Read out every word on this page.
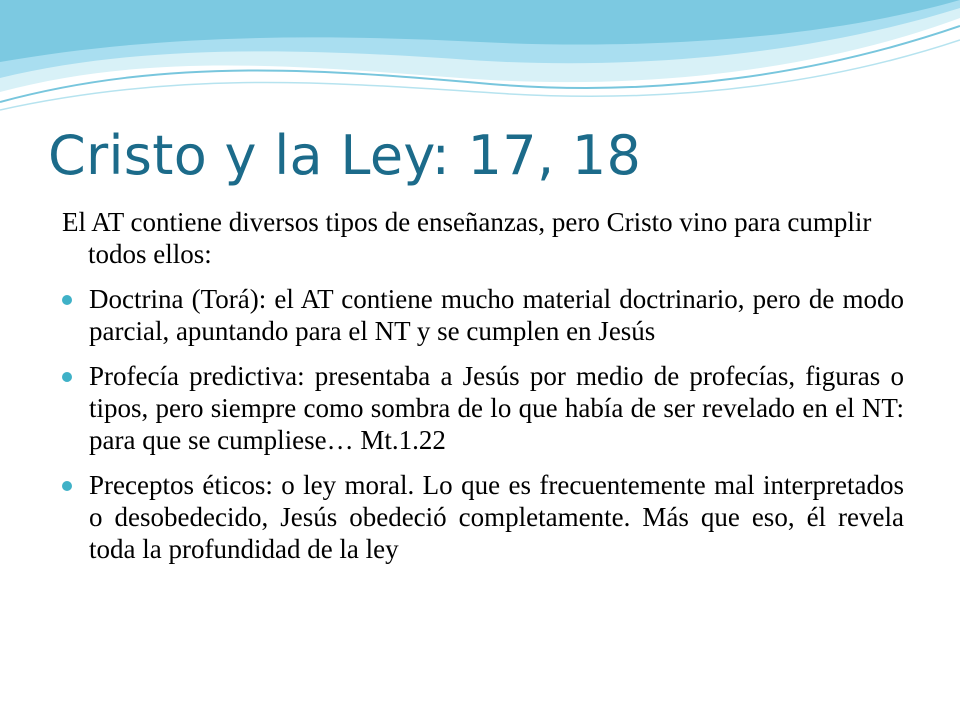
Cristo y la Ley: 17, 18

El AT contiene diversos tipos de enseñanzas, pero Cristo vino para cumplir todos ellos:

Doctrina (Torá): el AT contiene mucho material doctrinario, pero de modo parcial, apuntando para el NT y se cumplen en Jesús
Profecía predictiva: presentaba a Jesús por medio de profecías, figuras o tipos, pero siempre como sombra de lo que había de ser revelado en el NT: para que se cumpliese… Mt.1.22
Preceptos éticos: o ley moral. Lo que es frecuentemente mal interpretados o desobedecido, Jesús obedeció completamente. Más que eso, él revela toda la profundidad de la ley
